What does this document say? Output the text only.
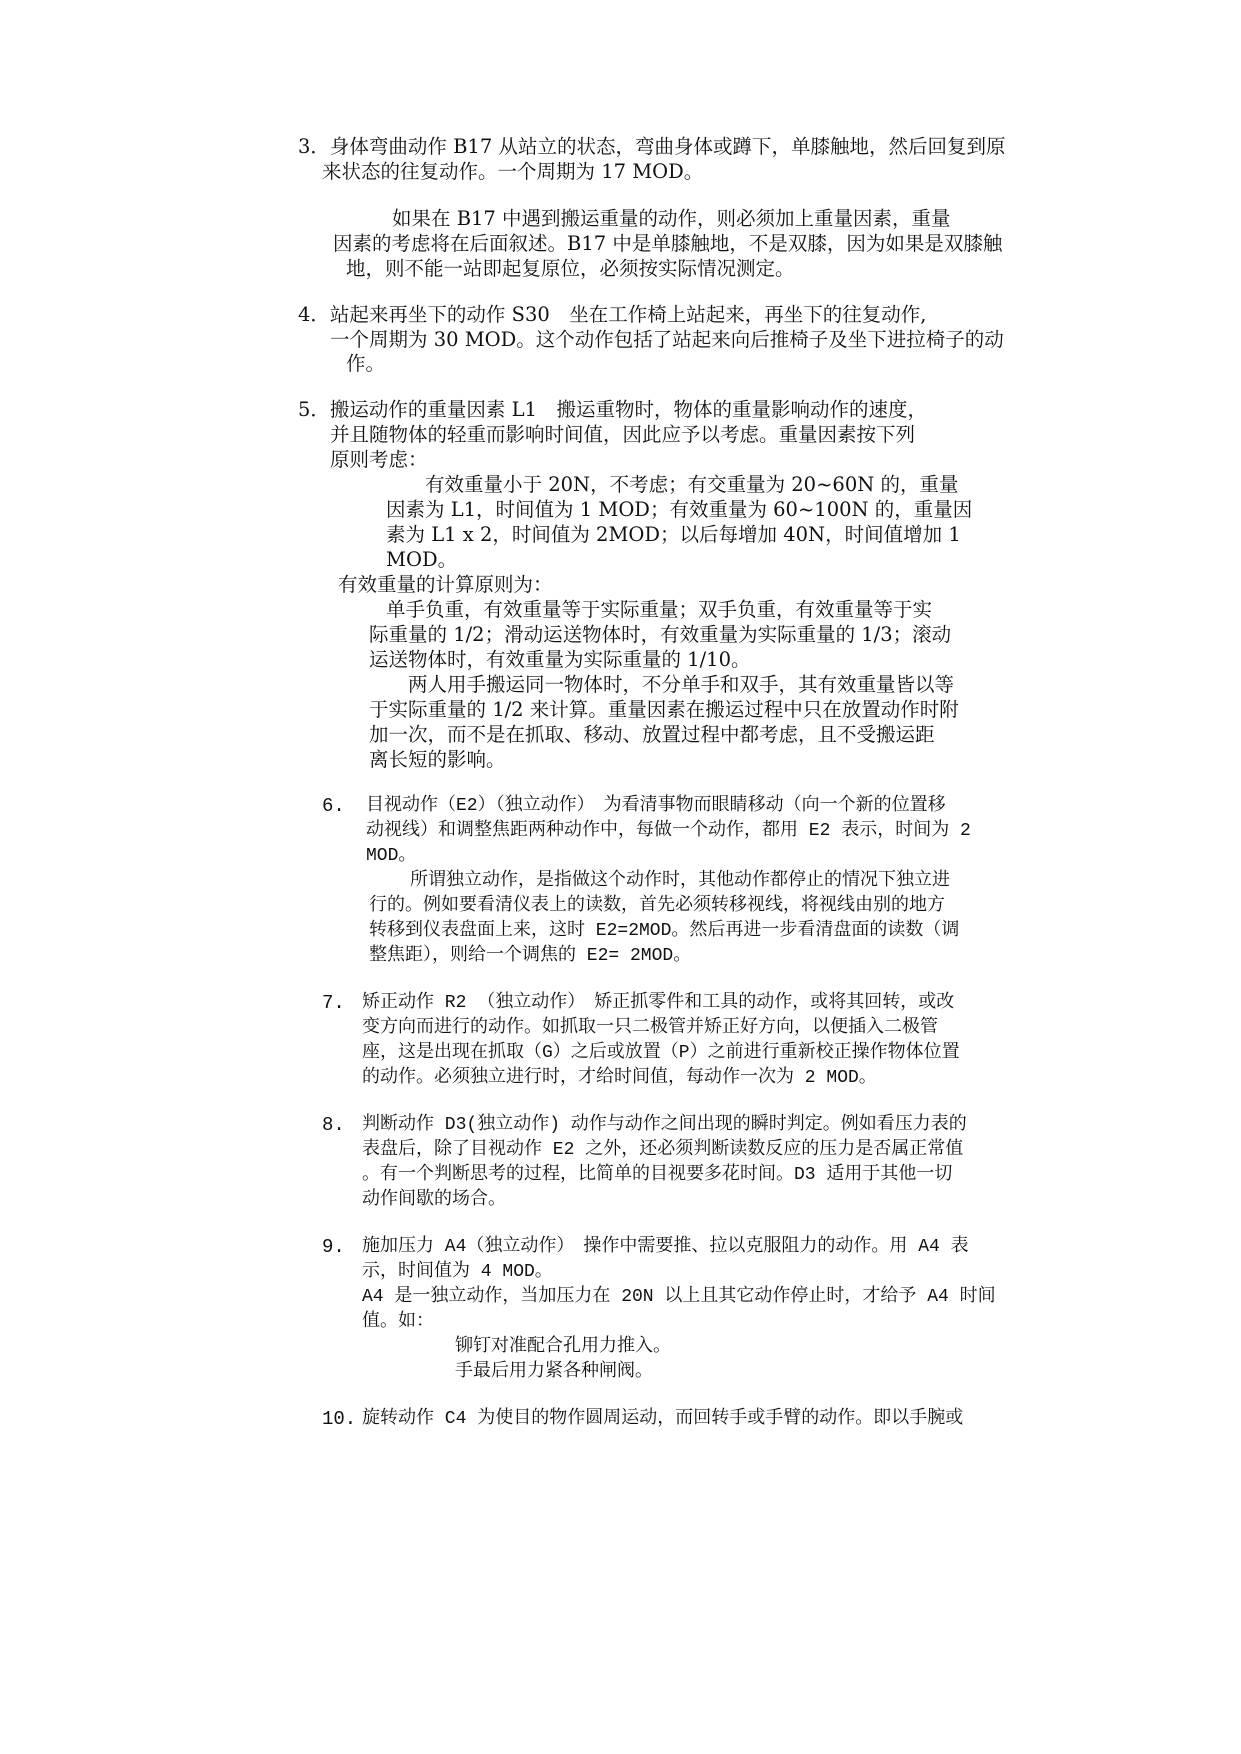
3．身体弯曲动作 B17 从站立的状态，弯曲身体或蹲下，单膝触地，然后回复到原
来状态的往复动作。一个周期为 17 MOD。
如果在 B17 中遇到搬运重量的动作，则必须加上重量因素，重量
因素的考虑将在后面叙述。B17 中是单膝触地，不是双膝，因为如果是双膝触
地，则不能一站即起复原位，必须按实际情况测定。
4．站起来再坐下的动作 S30　坐在工作椅上站起来，再坐下的往复动作,
一个周期为 30 MOD。这个动作包括了站起来向后推椅子及坐下进拉椅子的动
作。
5．搬运动作的重量因素 L1　搬运重物时，物体的重量影响动作的速度，
并且随物体的轻重而影响时间值，因此应予以考虑。重量因素按下列
原则考虑：
有效重量小于 20N，不考虑；有交重量为 20~60N 的，重量
因素为 L1，时间值为 1 MOD；有效重量为 60~100N 的，重量因
素为 L1 x 2，时间值为 2MOD；以后每增加 40N，时间值增加 1
MOD。
有效重量的计算原则为：
单手负重，有效重量等于实际重量；双手负重，有效重量等于实
际重量的 1/2；滑动运送物体时，有效重量为实际重量的 1/3；滚动
运送物体时，有效重量为实际重量的 1/10。
两人用手搬运同一物体时，不分单手和双手，其有效重量皆以等
于实际重量的 1/2 来计算。重量因素在搬运过程中只在放置动作时附
加一次，而不是在抓取、移动、放置过程中都考虑，且不受搬运距
离长短的影响。
6. 目视动作（E2）（独立动作）　为看清事物而眼睛移动（向一个新的位置移
动视线）和调整焦距两种动作中，每做一个动作，都用 E2 表示，时间为 2
MOD。
所谓独立动作，是指做这个动作时，其他动作都停止的情况下独立进
行的。例如要看清仪表上的读数，首先必须转移视线，将视线由别的地方
转移到仪表盘面上来，这时 E2=2MOD。然后再进一步看清盘面的读数（调
整焦距），则给一个调焦的 E2= 2MOD。
7. 矫正动作 R2 （独立动作）　矫正抓零件和工具的动作，或将其回转，或改
变方向而进行的动作。如抓取一只二极管并矫正好方向，以便插入二极管
座，这是出现在抓取（G）之后或放置（P）之前进行重新校正操作物体位置
的动作。必须独立进行时，才给时间值，每动作一次为 2 MOD。
8. 判断动作 D3(独立动作) 动作与动作之间出现的瞬时判定。例如看压力表的
表盘后，除了目视动作 E2 之外，还必须判断读数反应的压力是否属正常值
。有一个判断思考的过程，比简单的目视要多花时间。D3 适用于其他一切
动作间歇的场合。
9. 施加压力 A4（独立动作）　操作中需要推、拉以克服阻力的动作。用 A4 表
示，时间值为 4 MOD。
A4 是一独立动作，当加压力在 20N 以上且其它动作停止时，才给予 A4 时间
值。如：
铆钉对准配合孔用力推入。
手最后用力紧各种闸阀。
10. 旋转动作 C4 为使目的物作圆周运动，而回转手或手臂的动作。即以手腕或
